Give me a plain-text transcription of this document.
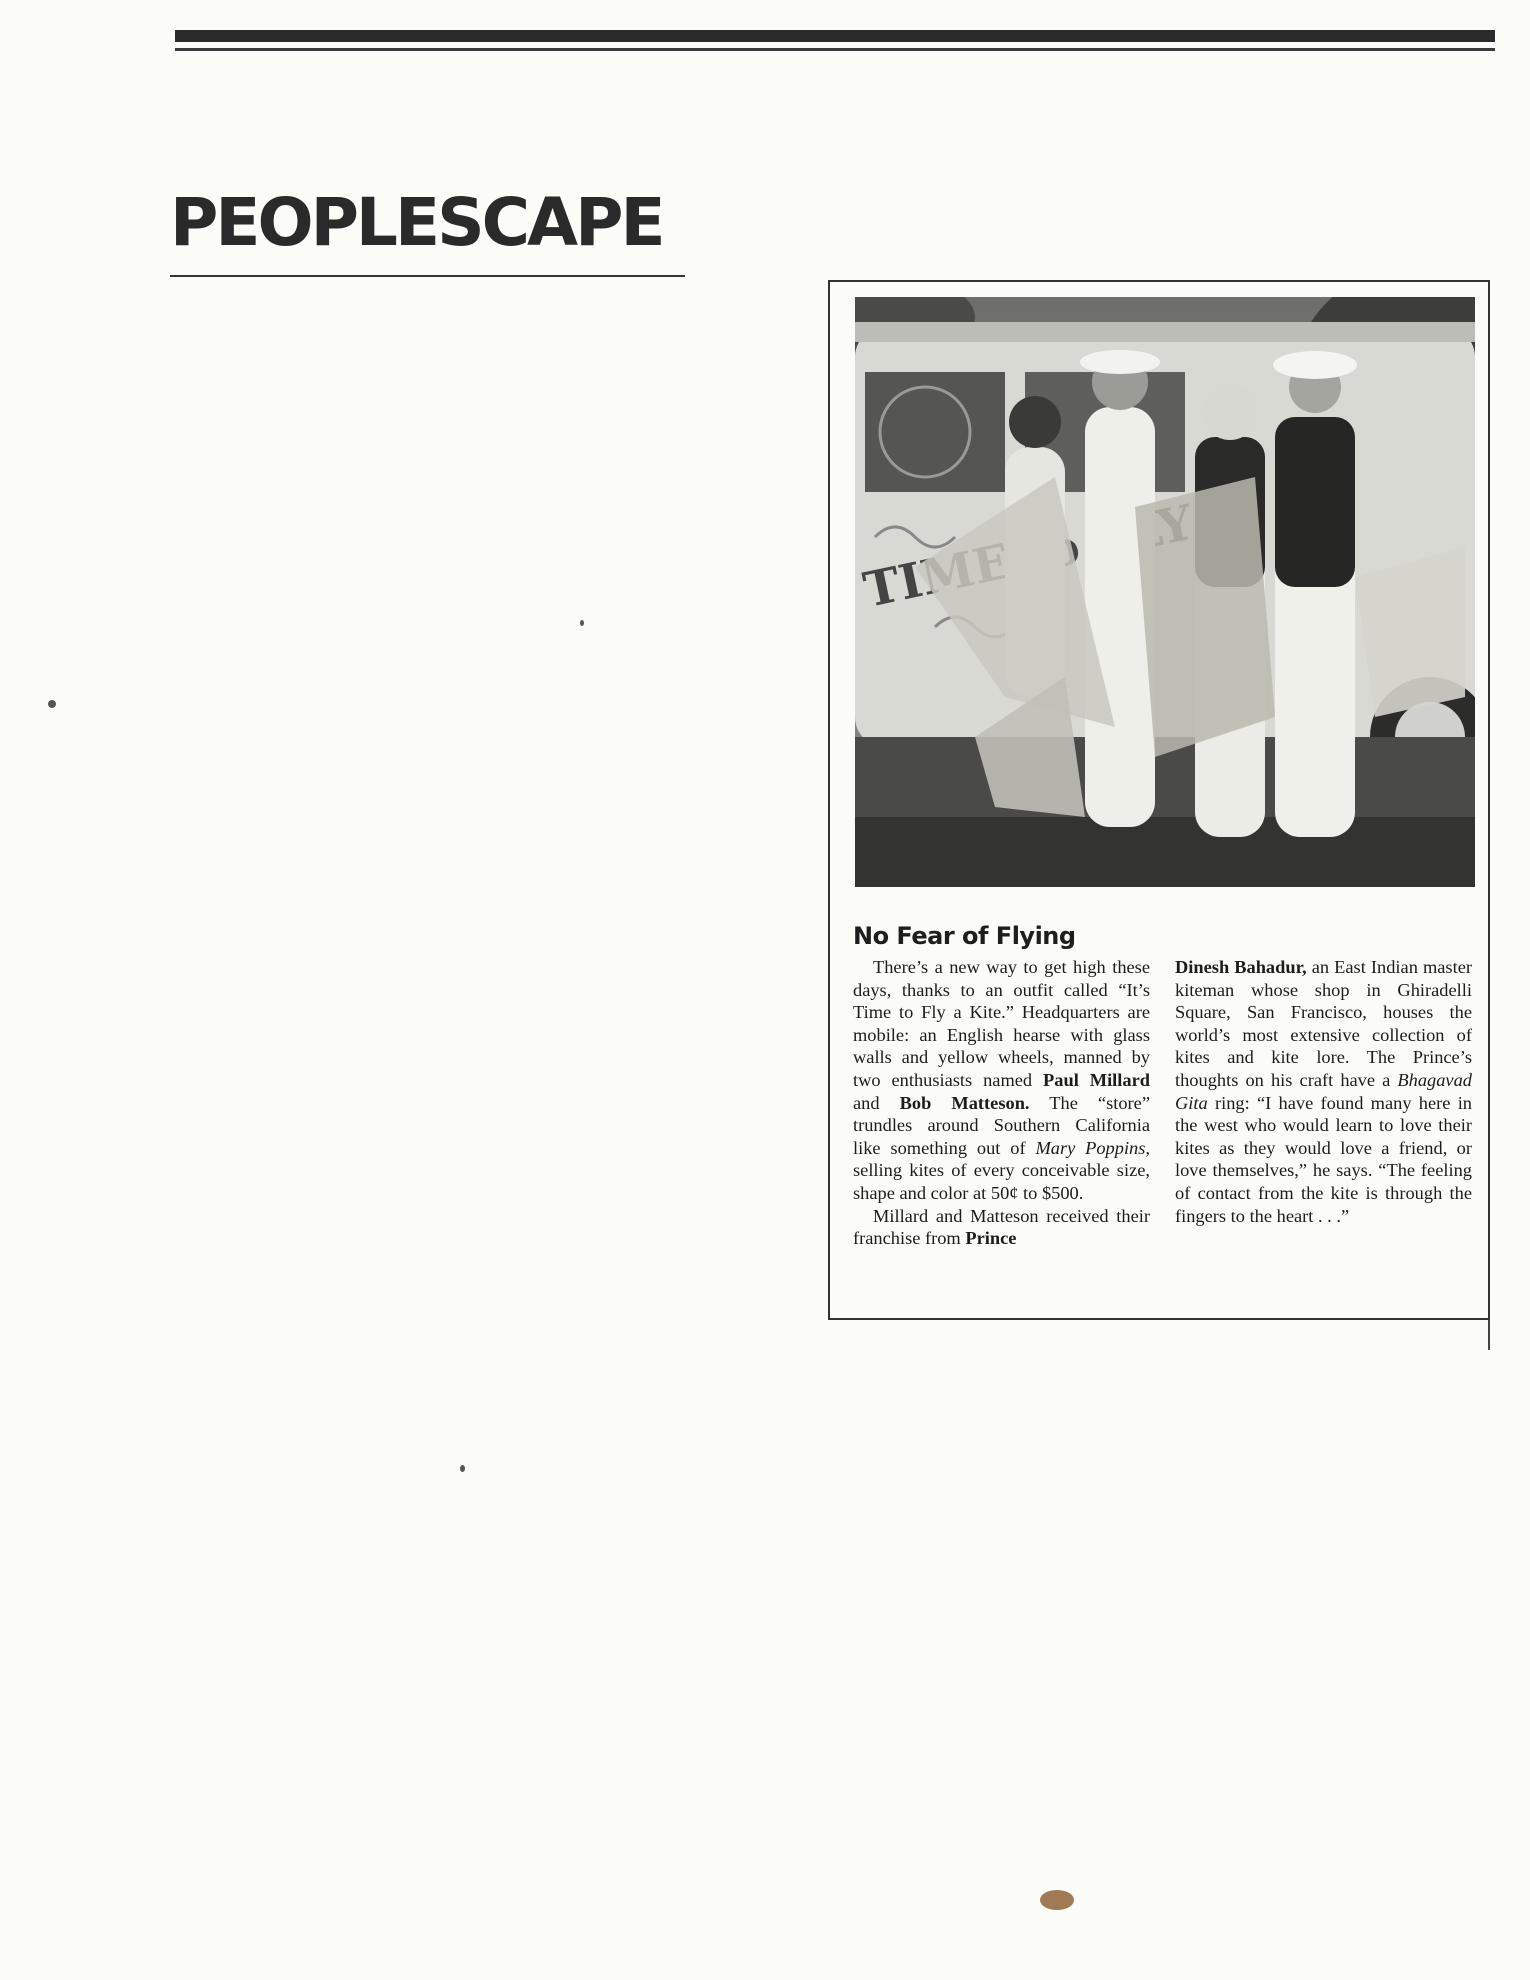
PEOPLESCAPE
No Fear of Flying

There’s a new way to get high these days, thanks to an outfit called “It’s Time to Fly a Kite.” Headquarters are mobile: an English hearse with glass walls and yellow wheels, manned by two enthusiasts named Paul Millard and Bob Matteson. The “store” trundles around Southern California like something out of Mary Poppins, selling kites of every conceivable size, shape and color at 50¢ to $500.

Millard and Matteson received their franchise from Prince

Dinesh Bahadur, an East Indian master kiteman whose shop in Ghiradelli Square, San Francisco, houses the world’s most extensive collection of kites and kite lore. The Prince’s thoughts on his craft have a Bhagavad Gita ring: “I have found many here in the west who would learn to love their kites as they would love a friend, or love themselves,” he says. “The feeling of contact from the kite is through the fingers to the heart . . .”
